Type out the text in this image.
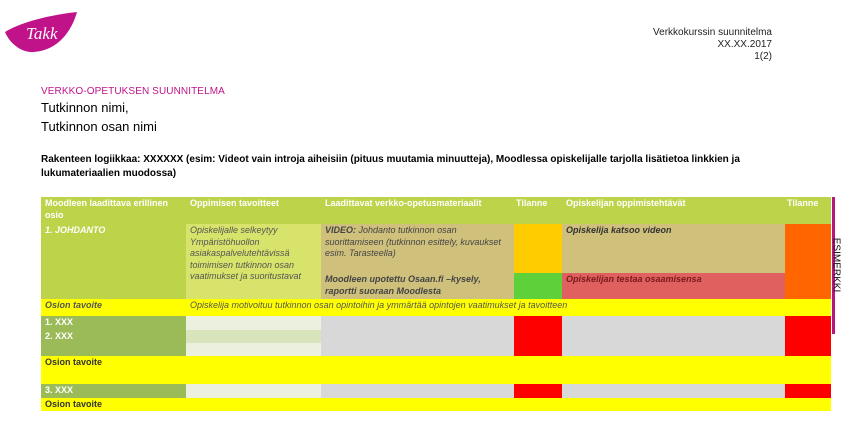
Takk	Verkkokurssin suunnitelma
XX.XX.2017
1(2)
VERKKO-OPETUKSEN SUUNNITELMA
Tutkinnon nimi,
Tutkinnon osan nimi
Rakenteen logiikkaa: XXXXXX (esim: Videot vain introja aiheisiin (pituus muutamia minuutteja), Moodlessa opiskelijalle tarjolla lisätietoa linkkien ja lukumateriaalien muodossa)
Moodleen laadittava erillinen osio	Oppimisen tavoitteet	Laadittavat verkko-opetusmateriaalit	Tilanne	Opiskelijan oppimistehtävät	Tilanne
1. JOHDANTO	Opiskelijalle selkeytyy Ympäristöhuollon asiakaspalvelutehtävissä toimimisen tutkinnon osan vaatimukset ja suoritustavat	VIDEO: Johdanto tutkinnon osan suorittamiseen (tutkinnon esittely, kuvaukset esim. Tarasteella)		Opiskelija katsoo videon	
		Moodleen upotettu Osaan.fi –kysely, raportti suoraan Moodlesta		Opiskelijan testaa osaamisensa	
Osion tavoite	Opiskelija motivoituu tutkinnon osan opintoihin ja ymmärtää opintojen vaatimukset ja tavoitteen				
1. XXX					
2. XXX					

Osion tavoite					
3. XXX					
Osion tavoite					
ESIMERKKI
